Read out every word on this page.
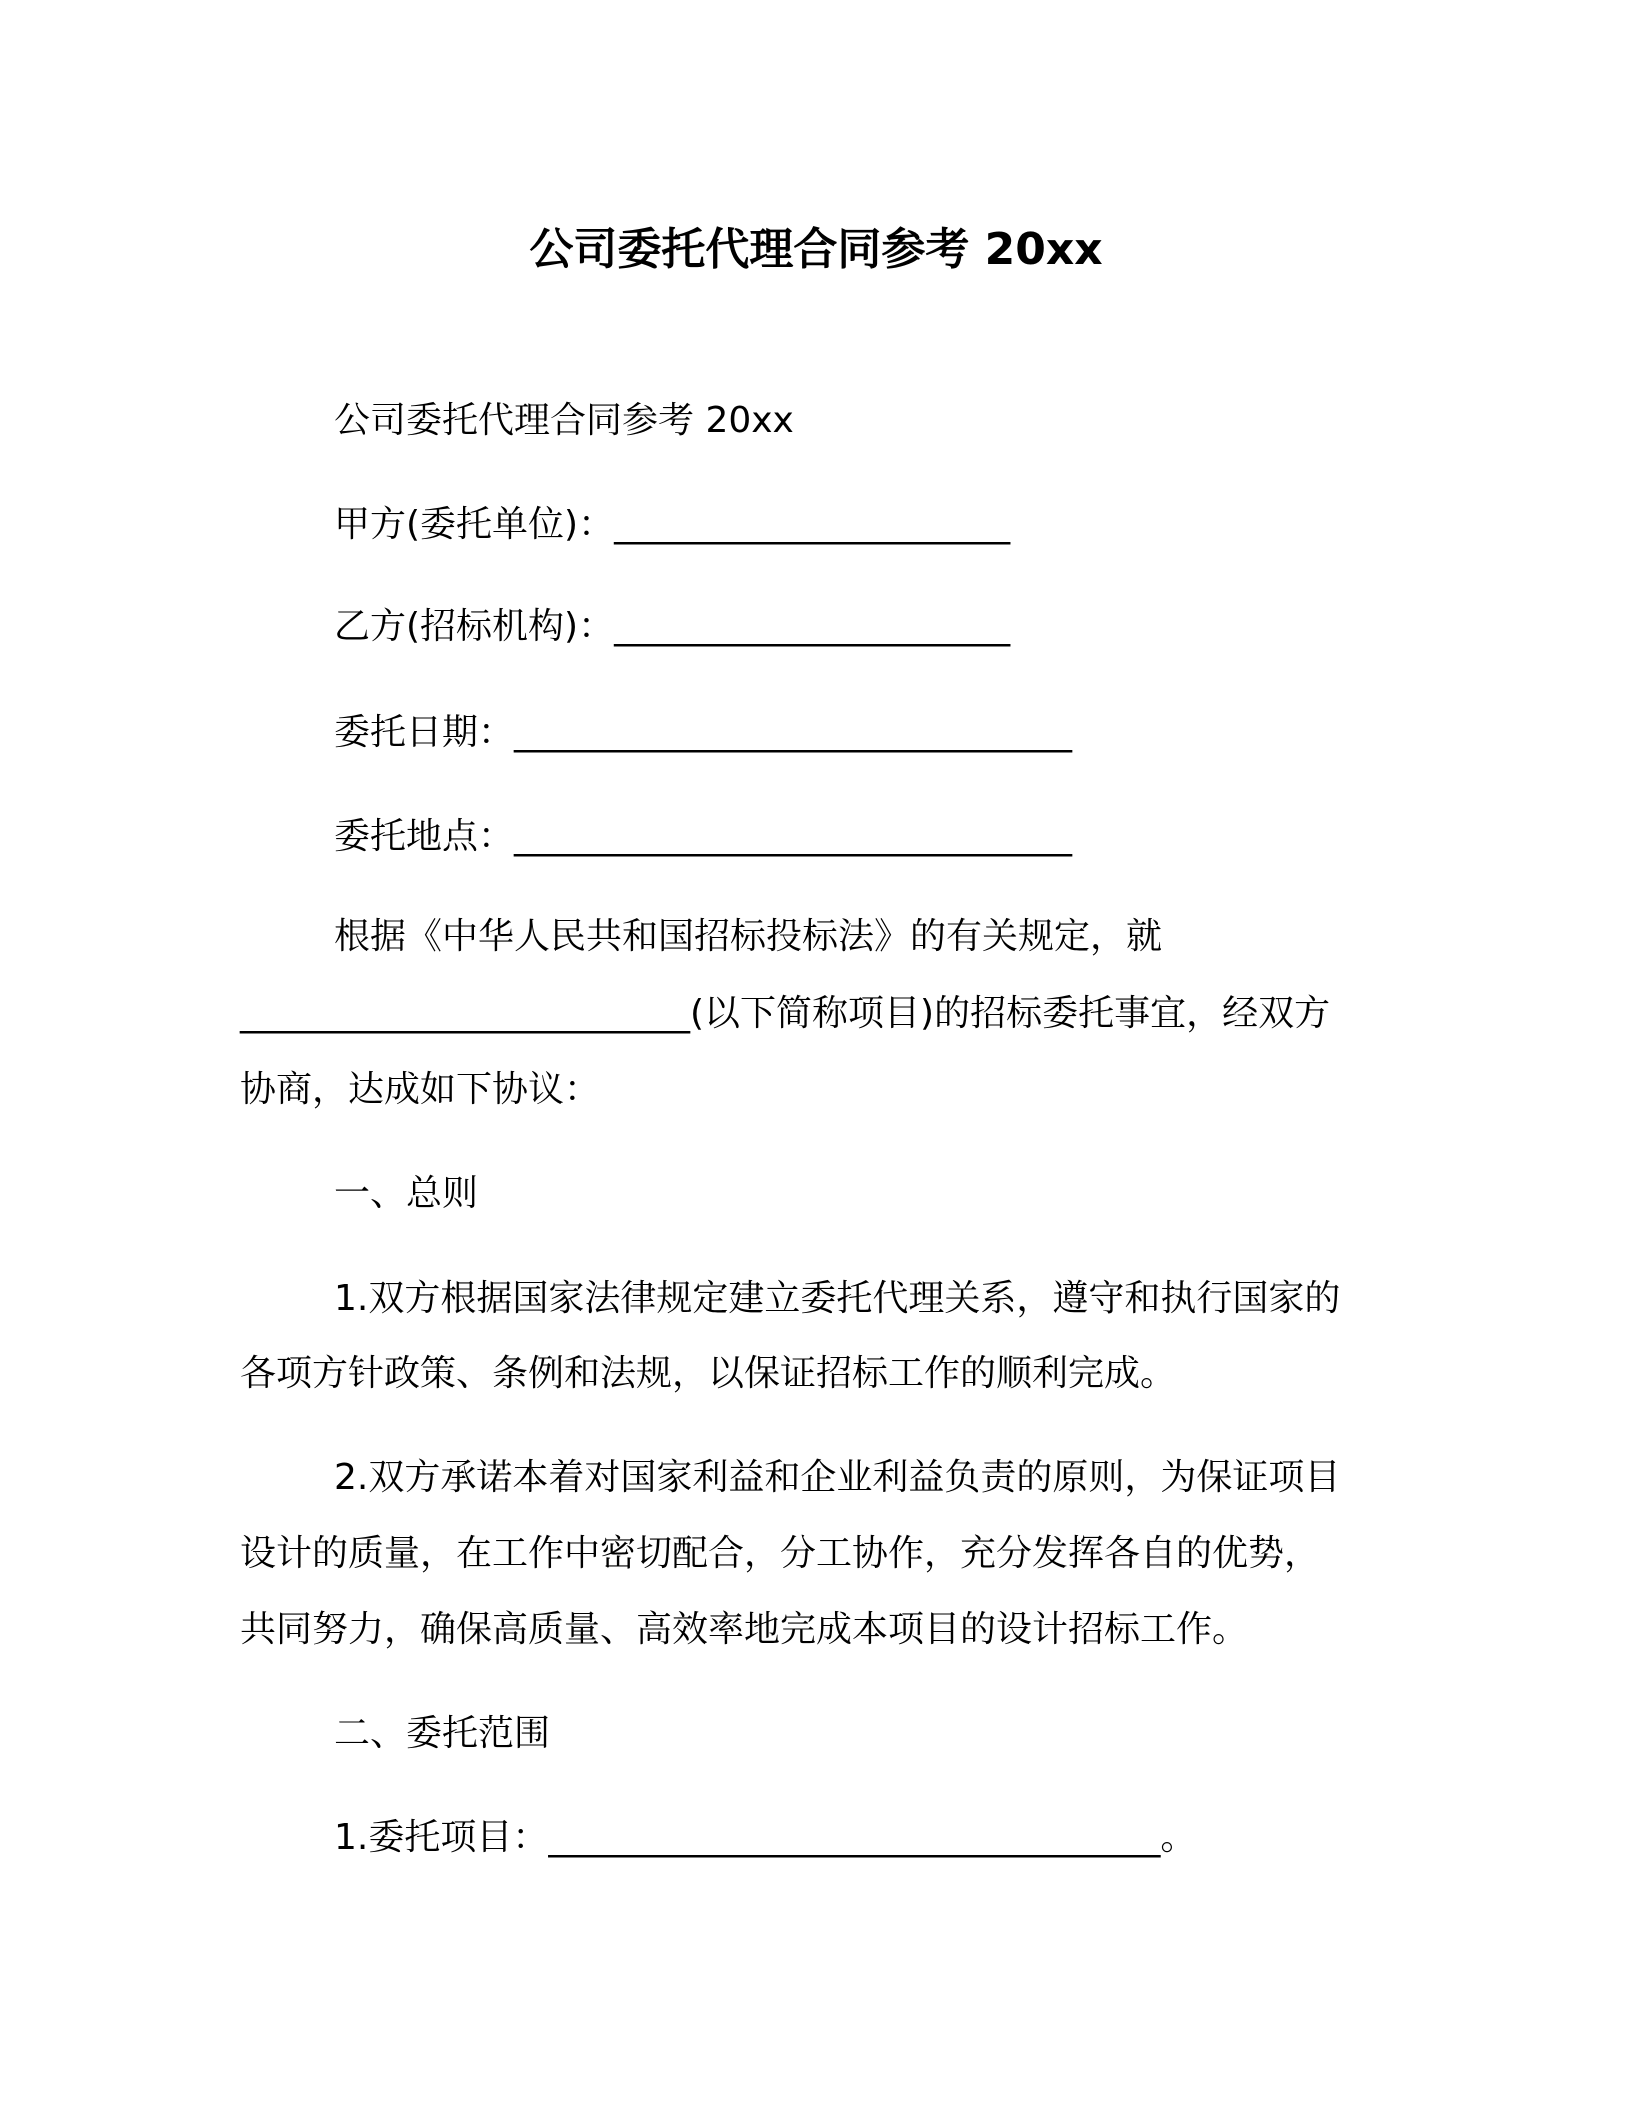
公司委托代理合同参考 20xx
公司委托代理合同参考 20xx
甲方(委托单位)：______________________
乙方(招标机构)：______________________
委托日期：_______________________________
委托地点：_______________________________
根据《中华人民共和国招标投标法》的有关规定，就
_________________________(以下简称项目)的招标委托事宜，经双方
协商，达成如下协议：
一、总则
1.双方根据国家法律规定建立委托代理关系，遵守和执行国家的
各项方针政策、条例和法规，以保证招标工作的顺利完成。
2.双方承诺本着对国家利益和企业利益负责的原则，为保证项目
设计的质量，在工作中密切配合，分工协作，充分发挥各自的优势，
共同努力，确保高质量、高效率地完成本项目的设计招标工作。
二、委托范围
1.委托项目：__________________________________。
